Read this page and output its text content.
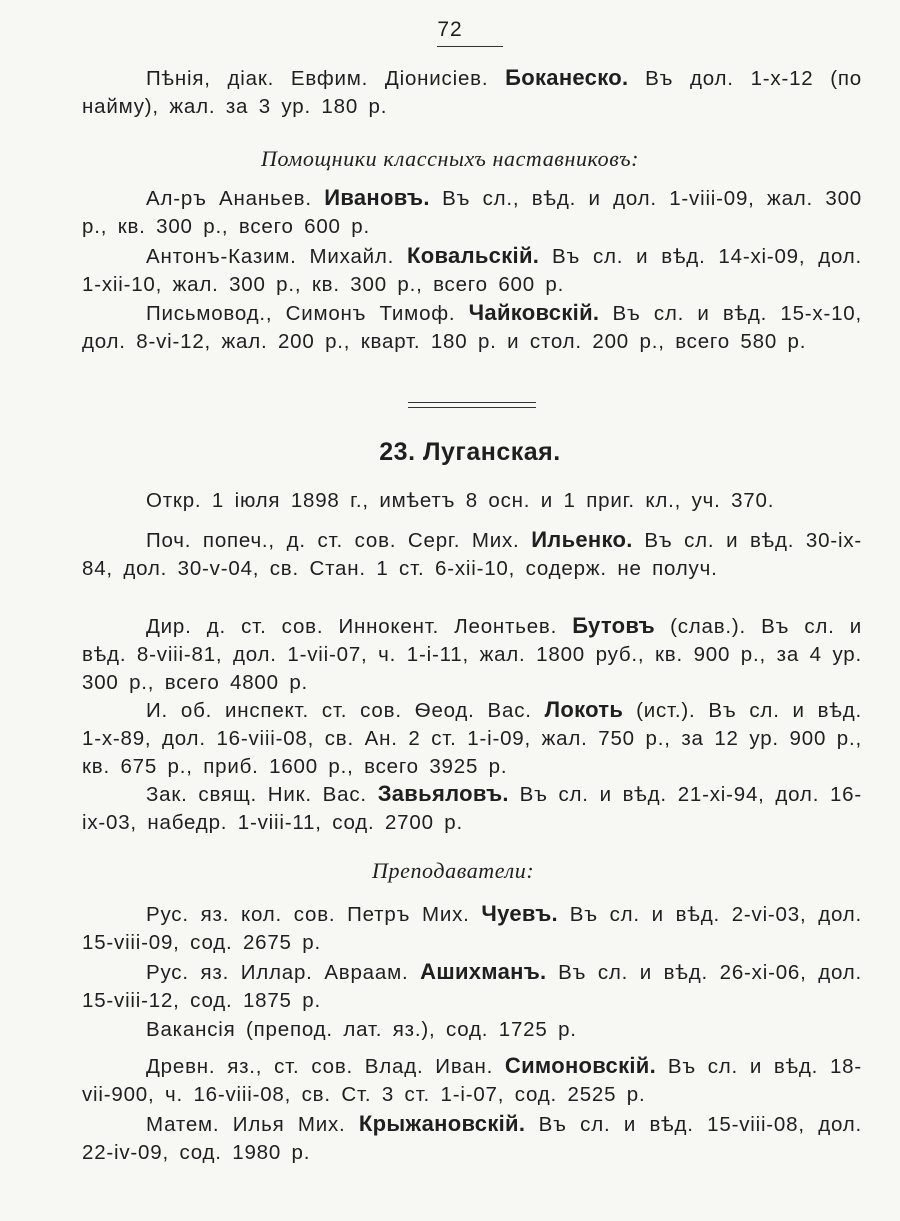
72

Пѣнія, діак. Евфим. Діонисіев. Боканеско. Въ дол. 1-x-12 (по найму), жал. за 3 ур. 180 р.

Помощники классныхъ наставниковъ:

Ал-ръ Ананьев. Ивановъ. Въ сл., вѣд. и дол. 1-viii-09, жал. 300 р., кв. 300 р., всего 600 р.

Антонъ-Казим. Михайл. Ковальскій. Въ сл. и вѣд. 14-xi-09, дол. 1-xii-10, жал. 300 р., кв. 300 р., всего 600 р.

Письмовод., Симонъ Тимоф. Чайковскій. Въ сл. и вѣд. 15-x-10, дол. 8-vi-12, жал. 200 р., кварт. 180 р. и стол. 200 р., всего 580 р.

23. Луганская.

Откр. 1 іюля 1898 г., имѣетъ 8 осн. и 1 приг. кл., уч. 370.

Поч. попеч., д. ст. сов. Серг. Мих. Ильенко. Въ сл. и вѣд. 30-ix-84, дол. 30-v-04, св. Стан. 1 ст. 6-xii-10, содерж. не получ.

Дир. д. ст. сов. Иннокент. Леонтьев. Бутовъ (слав.). Въ сл. и вѣд. 8-viii-81, дол. 1-vii-07, ч. 1-i-11, жал. 1800 руб., кв. 900 р., за 4 ур. 300 р., всего 4800 р.

И. об. инспект. ст. сов. Ѳеод. Вас. Локоть (ист.). Въ сл. и вѣд. 1-x-89, дол. 16-viii-08, св. Ан. 2 ст. 1-i-09, жал. 750 р., за 12 ур. 900 р., кв. 675 р., приб. 1600 р., всего 3925 р.

Зак. свящ. Ник. Вас. Завьяловъ. Въ сл. и вѣд. 21-xi-94, дол. 16-ix-03, набедр. 1-viii-11, сод. 2700 р.

Преподаватели:

Рус. яз. кол. сов. Петръ Мих. Чуевъ. Въ сл. и вѣд. 2-vi-03, дол. 15-viii-09, сод. 2675 р.

Рус. яз. Иллар. Авраам. Ашихманъ. Въ сл. и вѣд. 26-xi-06, дол. 15-viii-12, сод. 1875 р.

Вакансія (препод. лат. яз.), сод. 1725 р.

Древн. яз., ст. сов. Влад. Иван. Симоновскій. Въ сл. и вѣд. 18-vii-900, ч. 16-viii-08, св. Ст. 3 ст. 1-i-07, сод. 2525 р.

Матем. Илья Мих. Крыжановскій. Въ сл. и вѣд. 15-viii-08, дол. 22-iv-09, сод. 1980 р.
